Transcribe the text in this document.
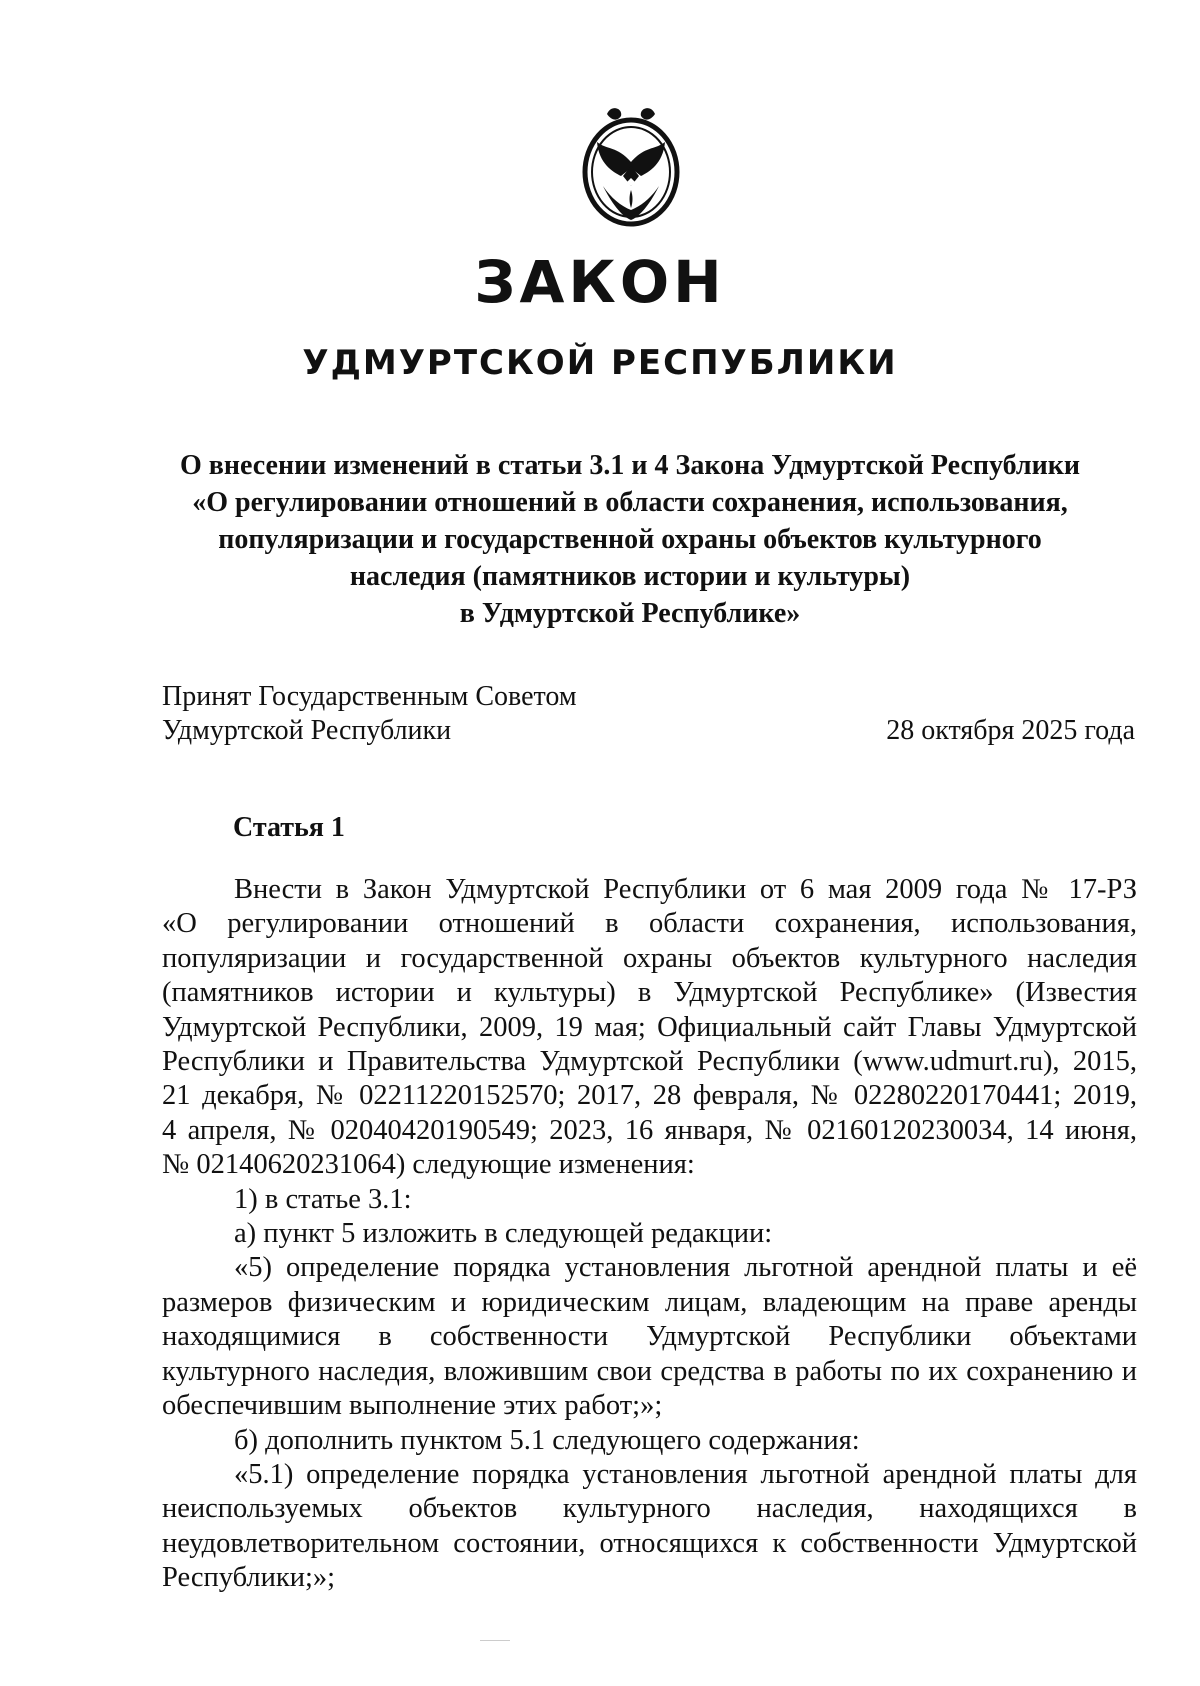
ЗАКОН
УДМУРТСКОЙ РЕСПУБЛИКИ
О внесении изменений в статьи 3.1 и 4 Закона Удмуртской Республики
«О регулировании отношений в области сохранения, использования,
популяризации и государственной охраны объектов культурного
наследия (памятников истории и культуры)
в Удмуртской Республике»
Принят Государственным Советом
Удмуртской Республики	28 октября 2025 года
Статья 1
Внести в Закон Удмуртской Республики от 6 мая 2009 года № 17-РЗ
«О регулировании отношений в области сохранения, использования,
популяризации и государственной охраны объектов культурного наследия
(памятников истории и культуры) в Удмуртской Республике» (Известия
Удмуртской Республики, 2009, 19 мая; Официальный сайт Главы Удмуртской
Республики и Правительства Удмуртской Республики (www.udmurt.ru), 2015,
21 декабря, № 02211220152570; 2017, 28 февраля, № 02280220170441; 2019,
4 апреля, № 02040420190549; 2023, 16 января, № 02160120230034, 14 июня,
№ 02140620231064) следующие изменения:
1) в статье 3.1:
а) пункт 5 изложить в следующей редакции:
«5) определение порядка установления льготной арендной платы и её
размеров физическим и юридическим лицам, владеющим на праве аренды
находящимися в собственности Удмуртской Республики объектами
культурного наследия, вложившим свои средства в работы по их сохранению и
обеспечившим выполнение этих работ;»;
б) дополнить пунктом 5.1 следующего содержания:
«5.1) определение порядка установления льготной арендной платы для
неиспользуемых объектов культурного наследия, находящихся в
неудовлетворительном состоянии, относящихся к собственности Удмуртской
Республики;»;
